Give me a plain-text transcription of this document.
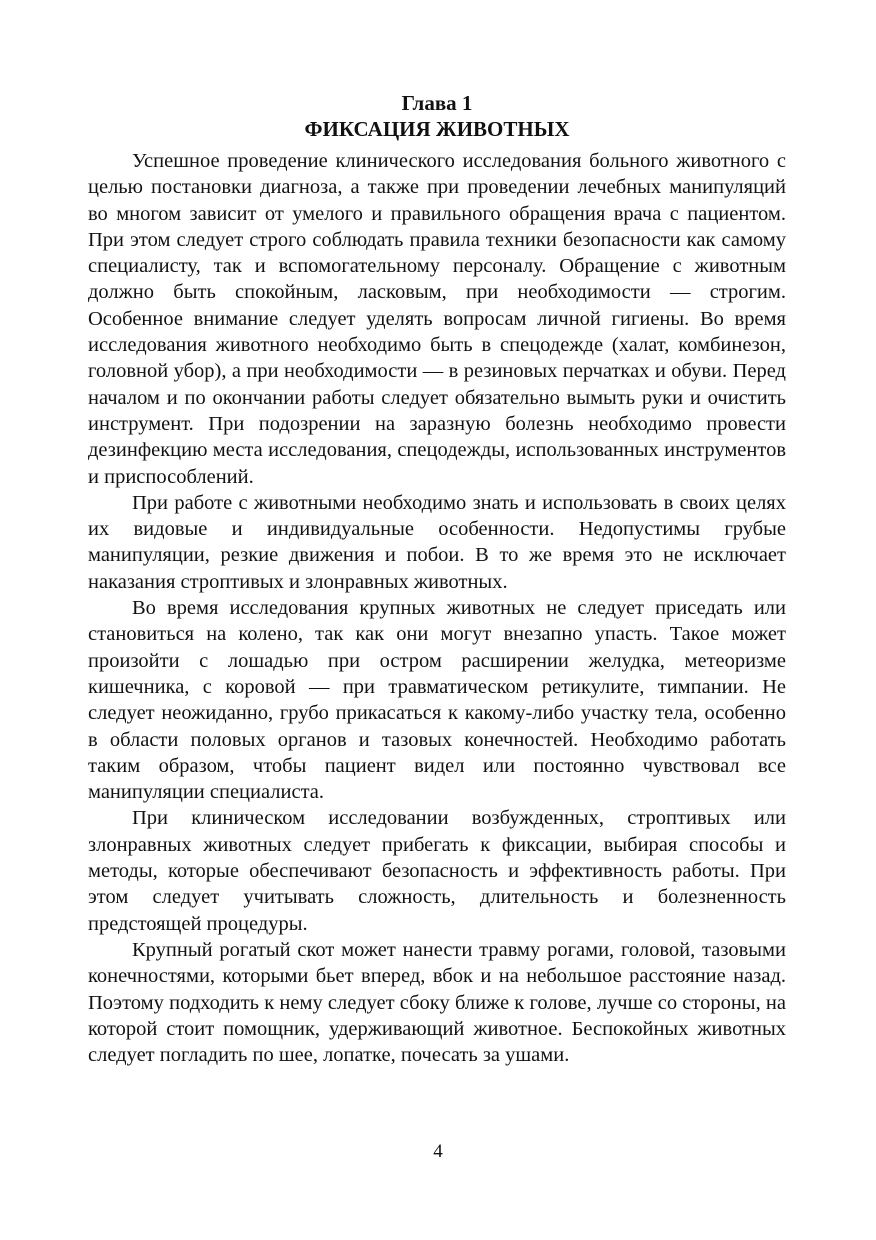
Глава 1
ФИКСАЦИЯ ЖИВОТНЫХ

Успешное проведение клинического исследования больного животного с целью постановки диагноза, а также при проведении лечебных манипуляций во многом зависит от умелого и правильного обращения врача с пациентом. При этом следует строго соблюдать правила техники безопасности как самому специалисту, так и вспомогательному персоналу. Обращение с животным должно быть спокойным, ласковым, при необходимости — строгим. Особенное внимание следует уделять вопросам личной гигиены. Во время исследования животного необходимо быть в спецодежде (халат, комбинезон, головной убор), а при необходимости — в резиновых перчатках и обуви. Перед началом и по окончании работы следует обязательно вымыть руки и очистить инструмент. При подозрении на заразную болезнь необходимо провести дезинфекцию места исследования, спецодежды, использованных инструментов и приспособлений.

При работе с животными необходимо знать и использовать в своих целях их видовые и индивидуальные особенности. Недопустимы грубые манипуляции, резкие движения и побои. В то же время это не исключает наказания строптивых и злонравных животных.

Во время исследования крупных животных не следует приседать или становиться на колено, так как они могут внезапно упасть. Такое может произойти с лошадью при остром расширении желудка, метеоризме кишечника, с коровой — при травматическом ретикулите, тимпании. Не следует неожиданно, грубо прикасаться к какому-либо участку тела, особенно в области половых органов и тазовых конечностей. Необходимо работать таким образом, чтобы пациент видел или постоянно чувствовал все манипуляции специалиста.

При клиническом исследовании возбужденных, строптивых или злонравных животных следует прибегать к фиксации, выбирая способы и методы, которые обеспечивают безопасность и эффективность работы. При этом следует учитывать сложность, длительность и болезненность предстоящей процедуры.

Крупный рогатый скот может нанести травму рогами, головой, тазовыми конечностями, которыми бьет вперед, вбок и на небольшое расстояние назад. Поэтому подходить к нему следует сбоку ближе к голове, лучше со стороны, на которой стоит помощник, удерживающий животное. Беспокойных животных следует погладить по шее, лопатке, почесать за ушами.

4
